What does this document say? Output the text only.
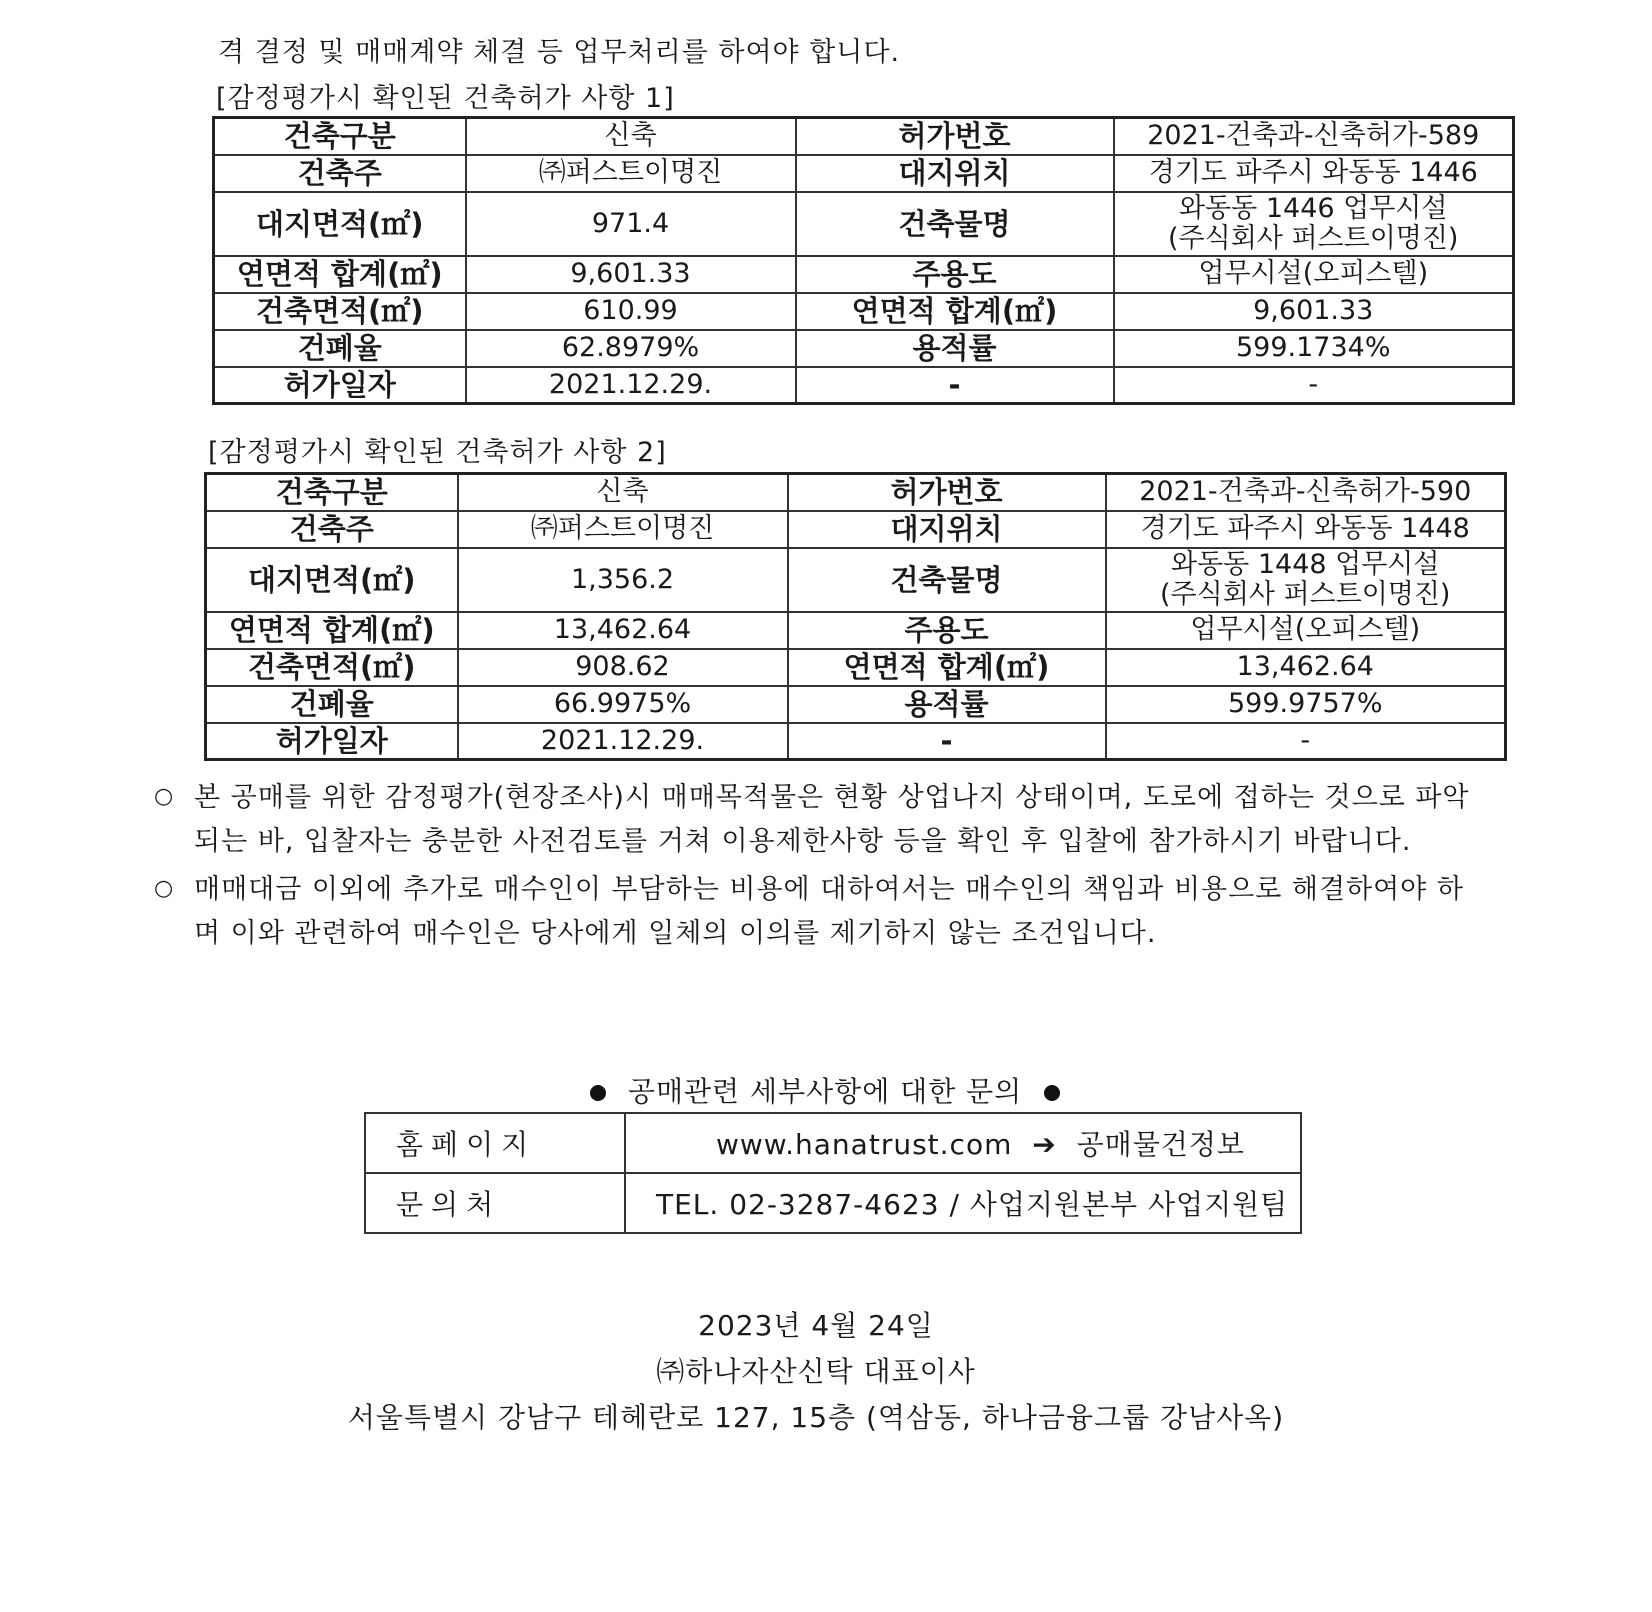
격 결정 및 매매계약 체결 등 업무처리를 하여야 합니다.
[감정평가시 확인된 건축허가 사항 1]
건축구분	신축	허가번호	2021-건축과-신축허가-589
건축주	㈜퍼스트이명진	대지위치	경기도 파주시 와동동 1446
대지면적(㎡)	971.4	건축물명	와동동 1446 업무시설
(주식회사 퍼스트이명진)

연면적 합계(㎡)	9,601.33	주용도	업무시설(오피스텔)
건축면적(㎡)	610.99	연면적 합계(㎡)	9,601.33
건폐율	62.8979%	용적률	599.1734%
허가일자	2021.12.29.	-	-
[감정평가시 확인된 건축허가 사항 2]
건축구분	신축	허가번호	2021-건축과-신축허가-590
건축주	㈜퍼스트이명진	대지위치	경기도 파주시 와동동 1448
대지면적(㎡)	1,356.2	건축물명	와동동 1448 업무시설
(주식회사 퍼스트이명진)

연면적 합계(㎡)	13,462.64	주용도	업무시설(오피스텔)
건축면적(㎡)	908.62	연면적 합계(㎡)	13,462.64
건폐율	66.9975%	용적률	599.9757%
허가일자	2021.12.29.	-	-
○ 본 공매를 위한 감정평가(현장조사)시 매매목적물은 현황 상업나지 상태이며, 도로에 접하는 것으로 파악
되는 바, 입찰자는 충분한 사전검토를 거쳐 이용제한사항 등을 확인 후 입찰에 참가하시기 바랍니다.
○ 매매대금 이외에 추가로 매수인이 부담하는 비용에 대하여서는 매수인의 책임과 비용으로 해결하여야 하
며 이와 관련하여 매수인은 당사에게 일체의 이의를 제기하지 않는 조건입니다.
공매관련 세부사항에 대한 문의
홈페이지	www.hanatrust.com ➔ 공매물건정보
문의처	TEL. 02-3287-4623 / 사업지원본부 사업지원팀
2023년 4월 24일
㈜하나자산신탁 대표이사
서울특별시 강남구 테헤란로 127, 15층 (역삼동, 하나금융그룹 강남사옥)
